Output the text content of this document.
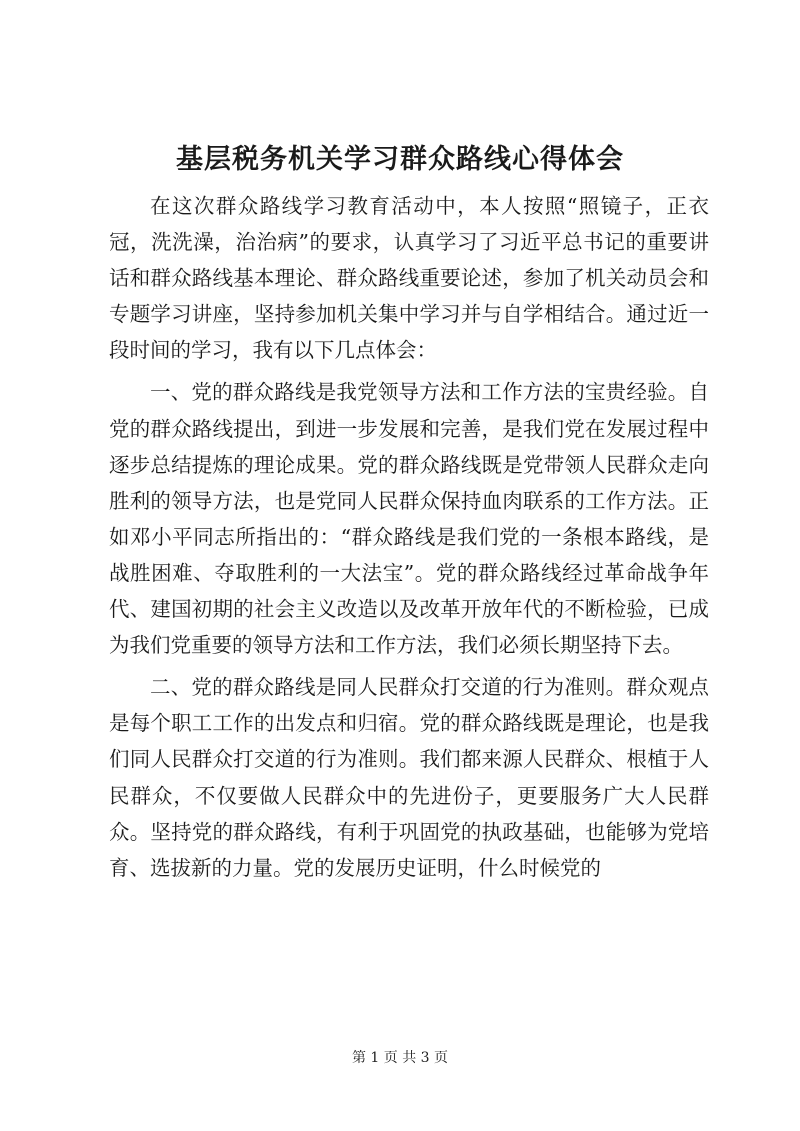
基层税务机关学习群众路线心得体会

在这次群众路线学习教育活动中，本人按照“照镜子，正衣冠，洗洗澡，治治病”的要求，认真学习了习近平总书记的重要讲话和群众路线基本理论、群众路线重要论述，参加了机关动员会和专题学习讲座，坚持参加机关集中学习并与自学相结合。通过近一段时间的学习，我有以下几点体会：

一、党的群众路线是我党领导方法和工作方法的宝贵经验。自党的群众路线提出，到进一步发展和完善，是我们党在发展过程中逐步总结提炼的理论成果。党的群众路线既是党带领人民群众走向胜利的领导方法，也是党同人民群众保持血肉联系的工作方法。正如邓小平同志所指出的：“群众路线是我们党的一条根本路线，是战胜困难、夺取胜利的一大法宝”。党的群众路线经过革命战争年代、建国初期的社会主义改造以及改革开放年代的不断检验，已成为我们党重要的领导方法和工作方法，我们必须长期坚持下去。

二、党的群众路线是同人民群众打交道的行为准则。群众观点是每个职工工作的出发点和归宿。党的群众路线既是理论，也是我们同人民群众打交道的行为准则。我们都来源人民群众、根植于人民群众，不仅要做人民群众中的先进份子，更要服务广大人民群众。坚持党的群众路线，有利于巩固党的执政基础，也能够为党培育、选拔新的力量。党的发展历史证明，什么时候党的

第 1 页 共 3 页
